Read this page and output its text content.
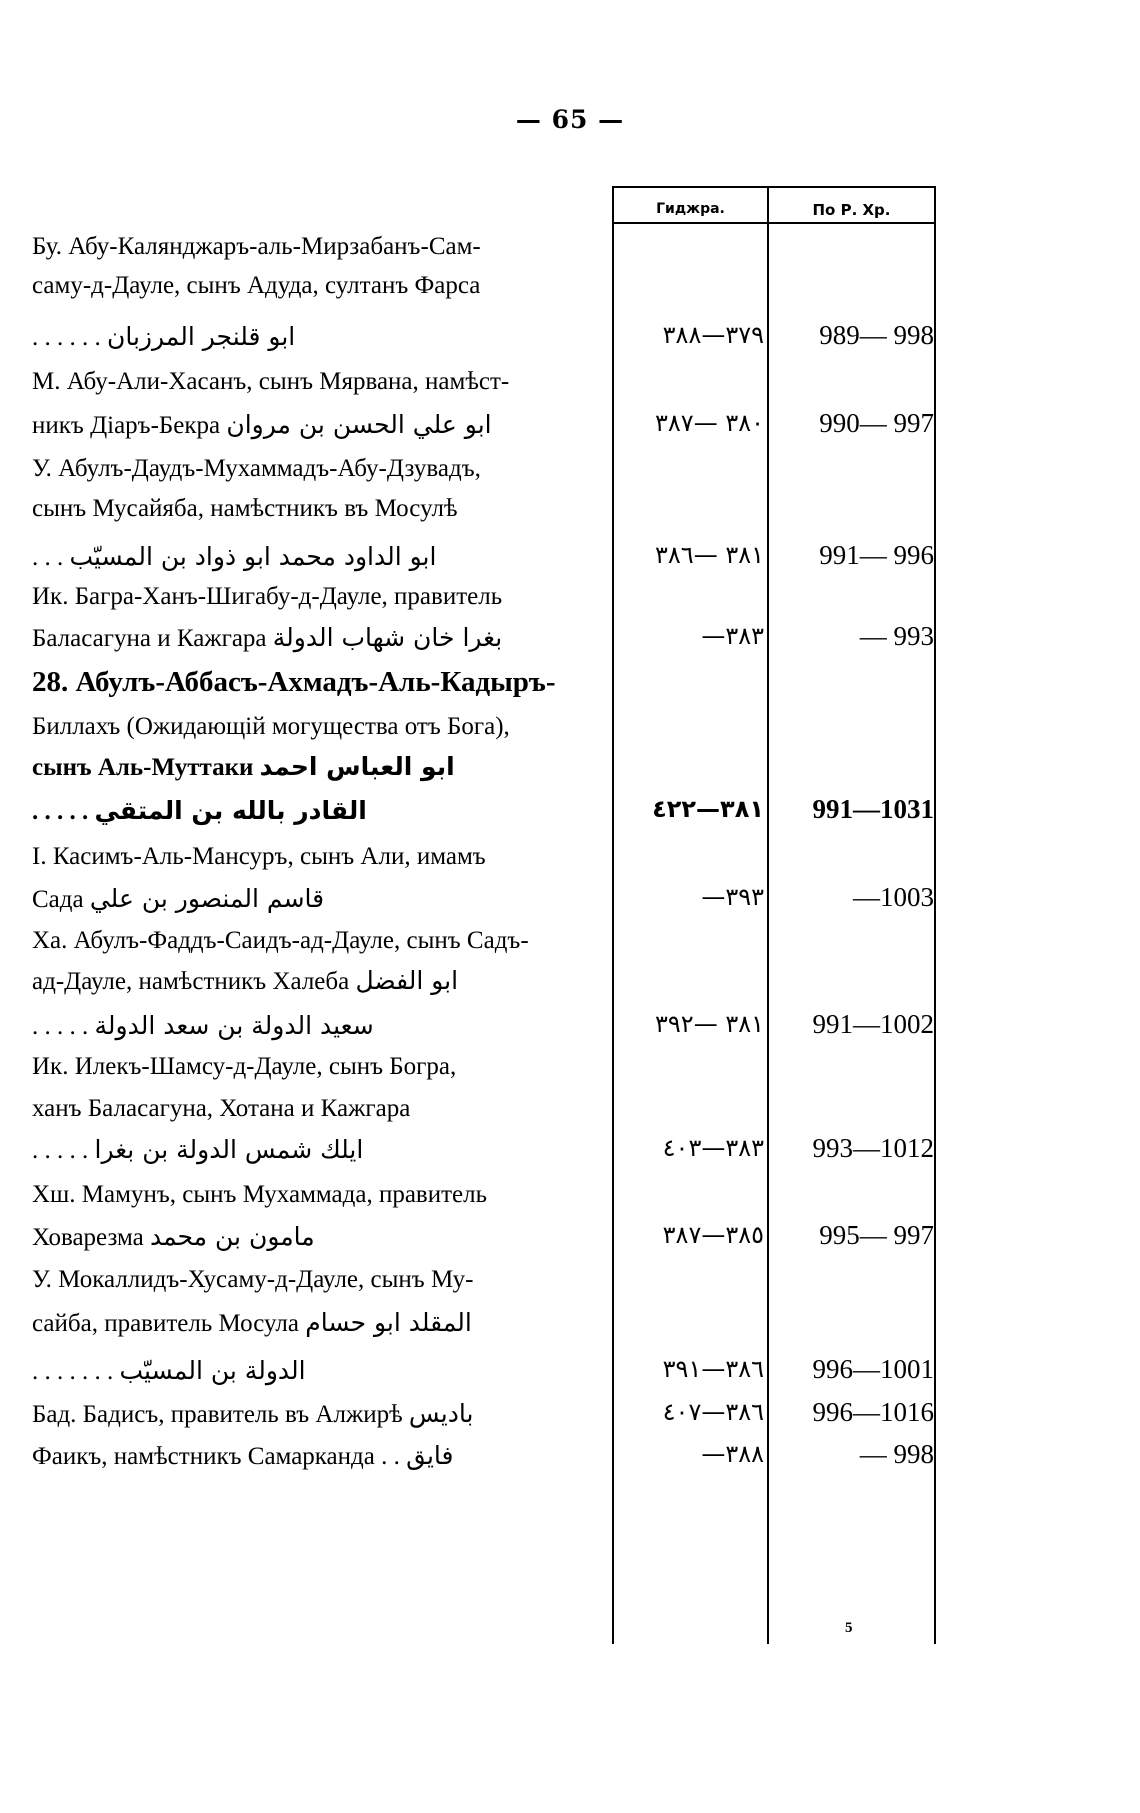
— 65 —
Гиджра.	По Р. Хр.
Бу. Абу-Калянджаръ-аль-Мирзабанъ-Сам-
саму-д-Дауле, сынъ Адуда, султанъ Фарса
. . . . . . ابو قلنجر المرزبان	٣٧٩—٣٨٨	989— 998
М. Абу-Али-Хасанъ, сынъ Мярвана, намѣст-
никъ Діаръ-Бекра ابو علي الحسن بن مروان	٣٨٠ —٣٨٧	990— 997
У. Абулъ-Даудъ-Мухаммадъ-Абу-Дзувадъ,
сынъ Мусайяба, намѣстникъ въ Мосулѣ
. . . ابو الداود محمد ابو ذواد بن المسيّب	٣٨١ —٣٨٦	991— 996
Ик. Багра-Ханъ-Шигабу-д-Дауле, правитель
Баласагуна и Кажгара بغرا خان شهاب الدولة	—٣٨٣	— 993
28. Абулъ-Аббасъ-Ахмадъ-Аль-Кадыръ-
Биллахъ (Ожидающій могущества отъ Бога),
сынъ Аль-Муттаки ابو العباس احمد
. . . . . القادر بالله بن المتقي	٣٨١—٤٢٢	991—1031
I. Касимъ-Аль-Мансуръ, сынъ Али, имамъ
Сада قاسم المنصور بن علي	—٣٩٣	—1003
Ха. Абулъ-Фаддъ-Саидъ-ад-Дауле, сынъ Садъ-
ад-Дауле, намѣстникъ Халеба ابو الفضل
. . . . . سعيد الدولة بن سعد الدولة	٣٨١ —٣٩٢	991—1002
Ик. Илекъ-Шамсу-д-Дауле, сынъ Богра,
ханъ Баласагуна, Хотана и Кажгара
. . . . . ايلك شمس الدولة بن بغرا	٣٨٣—٤٠٣	993—1012
Хш. Мамунъ, сынъ Мухаммада, правитель
Ховарезма مامون بن محمد	٣٨٥—٣٨٧	995— 997
У. Мокаллидъ-Хусаму-д-Дауле, сынъ Му-
сайба, правитель Мосула المقلد ابو حسام
. . . . . . . الدولة بن المسيّب	٣٨٦—٣٩١	996—1001
Бад. Бадисъ, правитель въ Алжирѣ باديس	٣٨٦—٤٠٧	996—1016
Фаикъ, намѣстникъ Самарканда . . فايق	—٣٨٨	— 998
5
